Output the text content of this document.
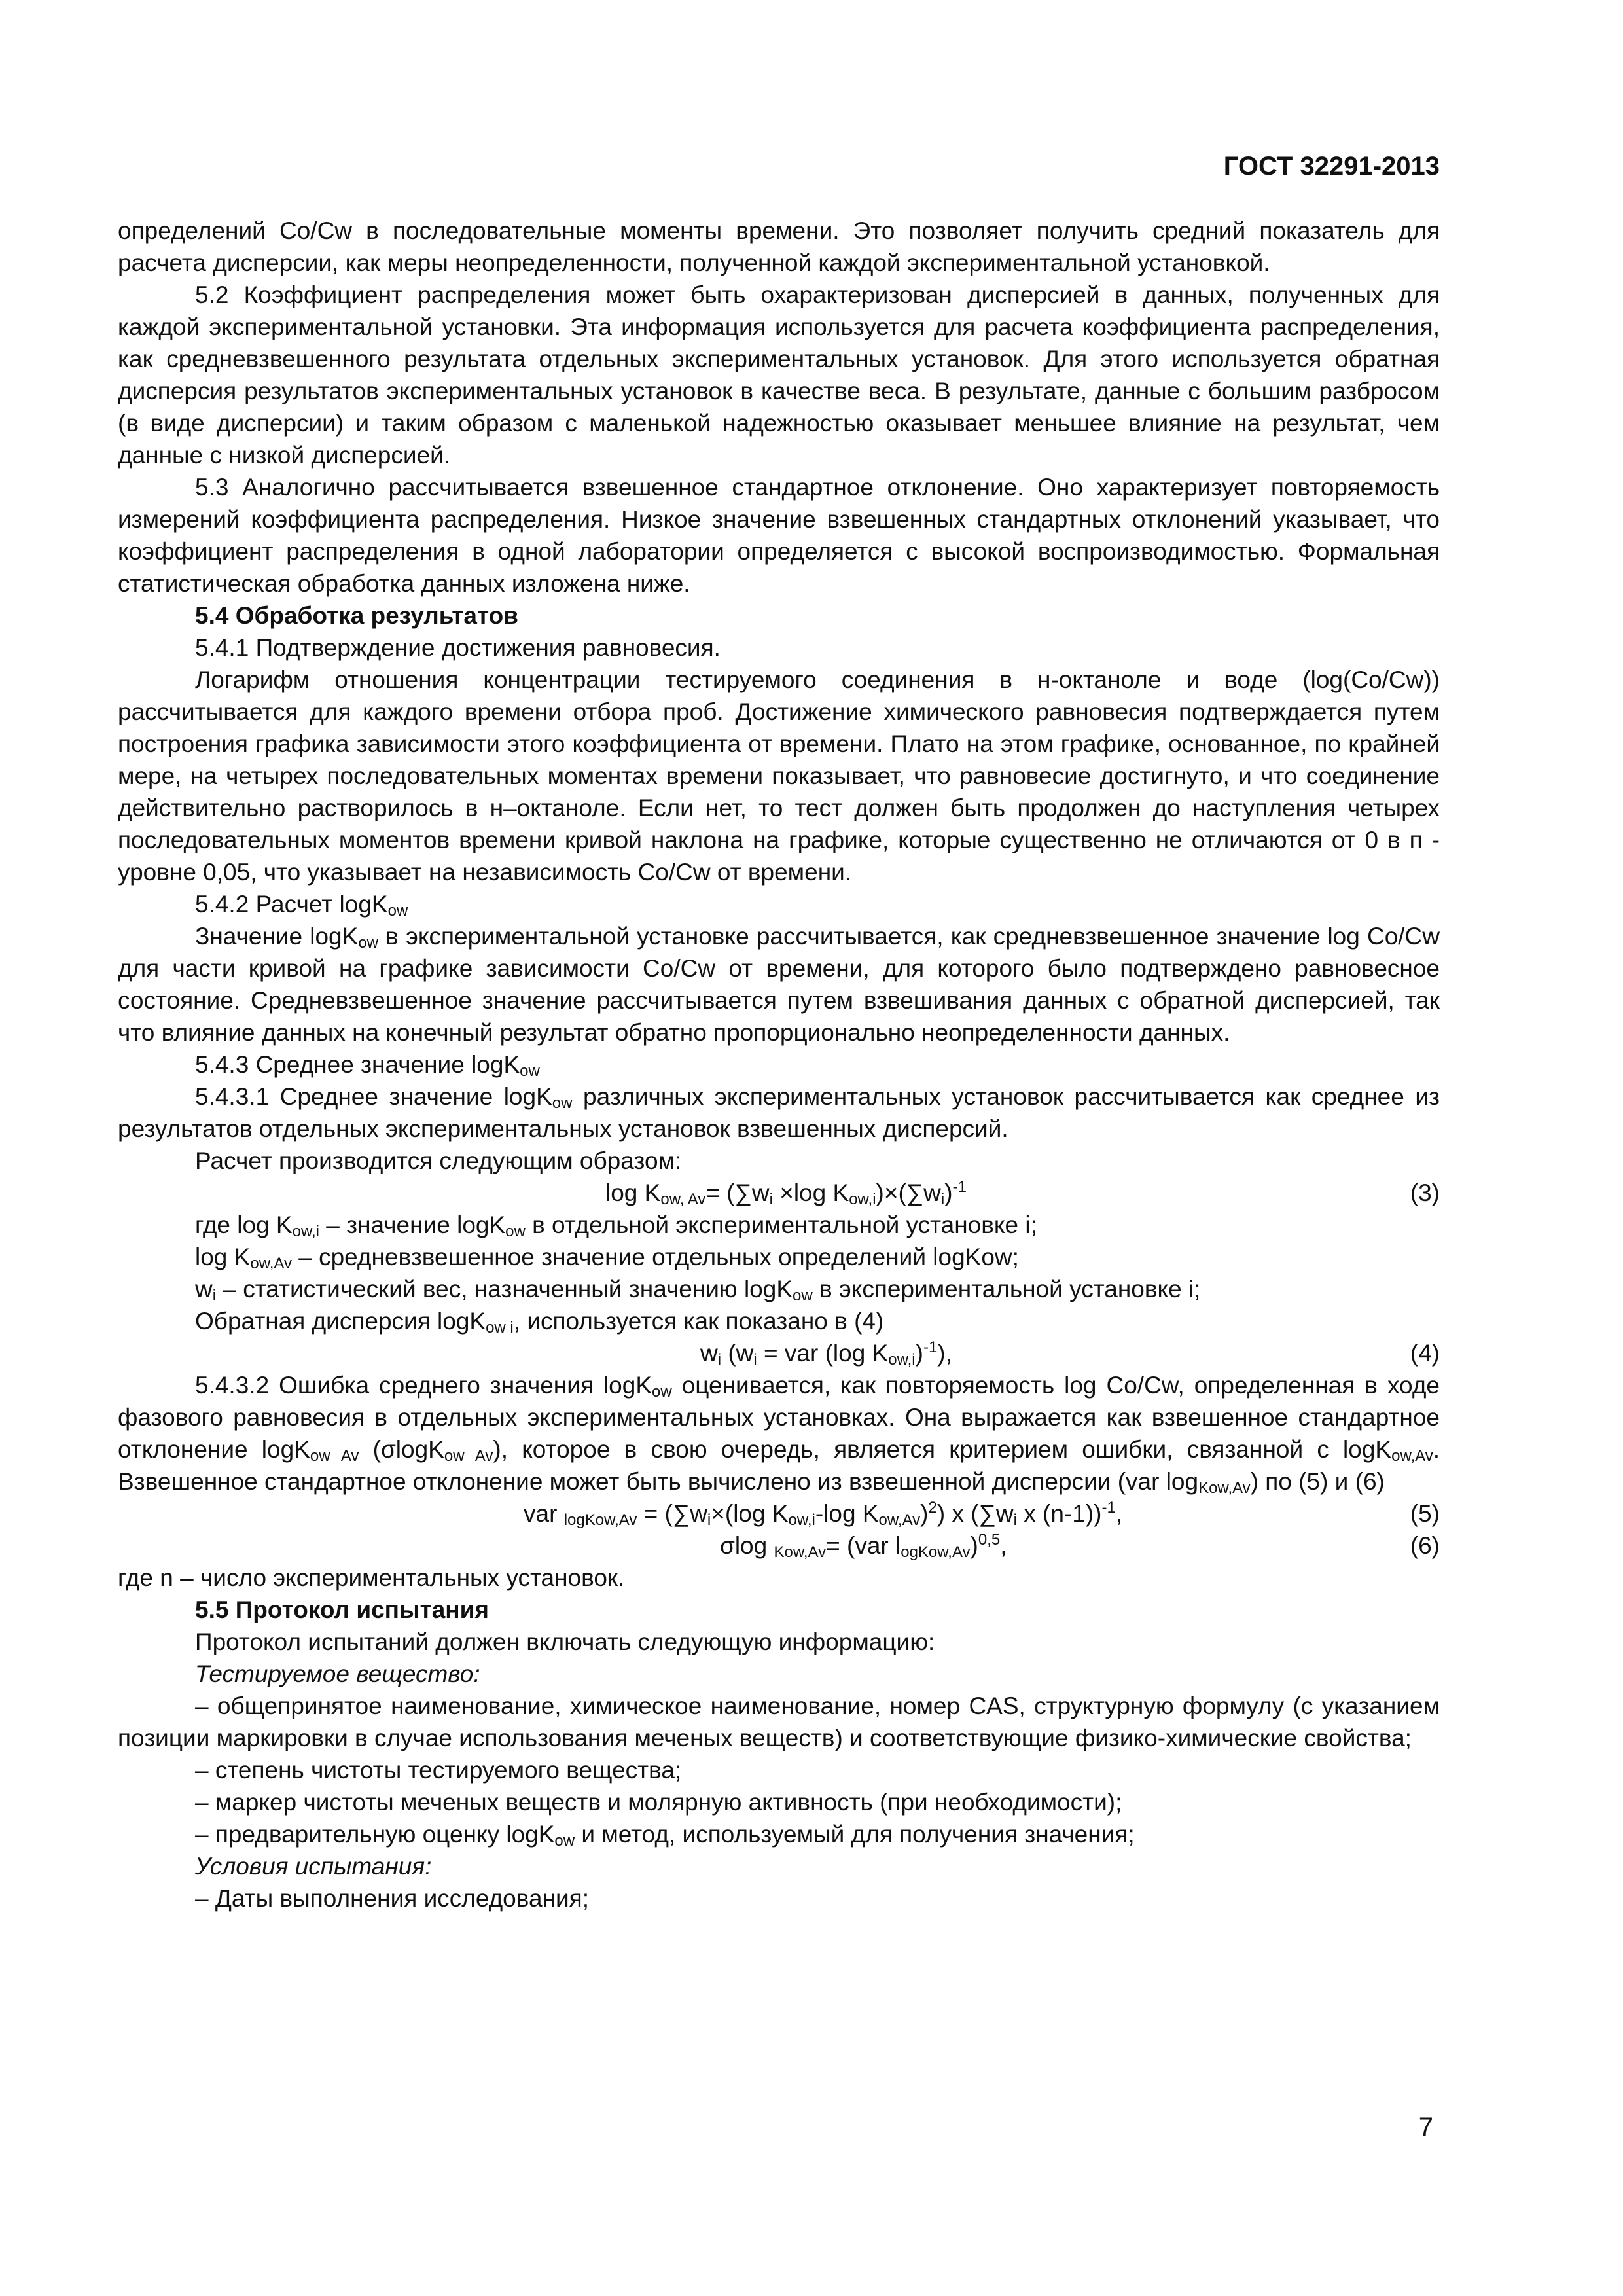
ГОСТ 32291-2013

определений Co/Cw в последовательные моменты времени. Это позволяет получить средний показатель для расчета дисперсии, как меры неопределенности, полученной каждой экспериментальной установкой.

5.2 Коэффициент распределения может быть охарактеризован дисперсией в данных, полученных для каждой экспериментальной установки. Эта информация используется для расчета коэффициента распределения, как средневзвешенного результата отдельных экспериментальных установок. Для этого используется обратная дисперсия результатов экспериментальных установок в качестве веса. В результате, данные с большим разбросом (в виде дисперсии) и таким образом с маленькой надежностью оказывает меньшее влияние на результат, чем данные с низкой дисперсией.

5.3 Аналогично рассчитывается взвешенное стандартное отклонение. Оно характеризует повторяемость измерений коэффициента распределения. Низкое значение взвешенных стандартных отклонений указывает, что коэффициент распределения в одной лаборатории определяется с высокой воспроизводимостью. Формальная статистическая обработка данных изложена ниже.

5.4 Обработка результатов

5.4.1 Подтверждение достижения равновесия.

Логарифм отношения концентрации тестируемого соединения в н-октаноле и воде (log(Co/Cw)) рассчитывается для каждого времени отбора проб. Достижение химического равновесия подтверждается путем построения графика зависимости этого коэффициента от времени. Плато на этом графике, основанное, по крайней мере, на четырех последовательных моментах времени показывает, что равновесие достигнуто, и что соединение действительно растворилось в н–октаноле. Если нет, то тест должен быть продолжен до наступления четырех последовательных моментов времени кривой наклона на графике, которые существенно не отличаются от 0 в п - уровне 0,05, что указывает на независимость Co/Cw от времени.

5.4.2 Расчет logK$_{ow}$

Значение logK$_{ow}$ в экспериментальной установке рассчитывается, как средневзвешенное значение log Co/Cw для части кривой на графике зависимости Co/Cw от времени, для которого было подтверждено равновесное состояние. Средневзвешенное значение рассчитывается путем взвешивания данных с обратной дисперсией, так что влияние данных на конечный результат обратно пропорционально неопределенности данных.

5.4.3 Среднее значение logK$_{ow}$

5.4.3.1 Среднее значение logK$_{ow}$ различных экспериментальных установок рассчитывается как среднее из результатов отдельных экспериментальных установок взвешенных дисперсий.

Расчет производится следующим образом:

$\log K_{ow, Av}= (\sum w_i \times\log$ $K_{ow,i})\times(\sum w_i)^{-1}$	(3)

где $\log K_{ow,i}$ – значение logK$_{ow}$ в отдельной экспериментальной установке i;

$\log K_{ow,Av}$ – средневзвешенное значение отдельных определений logKow;

$w_i$ – статистический вес, назначенный значению logK$_{ow}$ в экспериментальной установке i;

Обратная дисперсия logK$_{ow i}$, используется как показано в (4)

$w_i$ ($w_i$ = var (log $K_{ow,i})^{-1}$),	(4)

5.4.3.2 Ошибка среднего значения logK$_{ow}$ оценивается, как повторяемость log Co/Cw, определенная в ходе фазового равновесия в отдельных экспериментальных установках. Она выражается как взвешенное стандартное отклонение logK$_{ow Av}$ (σlogK$_{ow Av}$), которое в свою очередь, является критерием ошибки, связанной с logK$_{ow,Av}$. Взвешенное стандартное отклонение может быть вычислено из взвешенной дисперсии (var $\log_{Kow,Av}$) по (5) и (6)

var $_{logKow,Av} = (\sum w_i\times(\log$ $K_{ow,i}-\log$ $K_{ow,Av})^2$) x ($\sum w_i$ x (n-1))$^{-1}$,	(5)
σlog $_{Kow,Av}$= (var $l_{ogKow,Av})^{0,5}$,	(6)

где n – число экспериментальных установок.

5.5 Протокол испытания

Протокол испытаний должен включать следующую информацию:

Тестируемое вещество:

– общепринятое наименование, химическое наименование, номер CAS, структурную формулу (с указанием позиции маркировки в случае использования меченых веществ) и соответствующие физико-химические свойства;

– степень чистоты тестируемого вещества;

– маркер чистоты меченых веществ и молярную активность (при необходимости);

– предварительную оценку logK$_{ow}$ и метод, используемый для получения значения;

Условия испытания:

– Даты выполнения исследования;

7
